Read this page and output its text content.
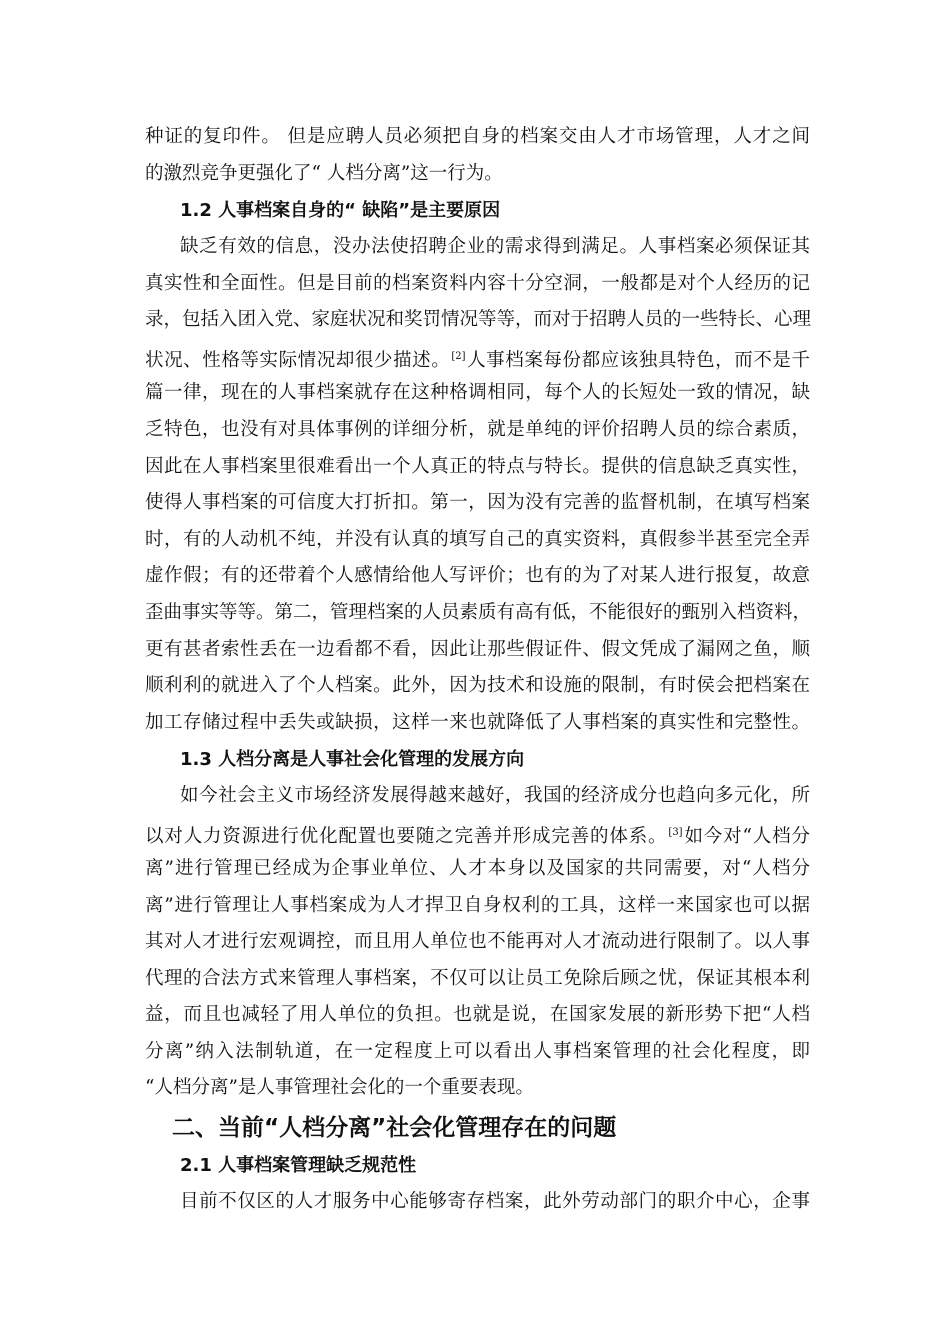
种证的复印件。 但是应聘人员必须把自身的档案交由人才市场管理，人才之间
的激烈竞争更强化了“ 人档分离”这一行为。
1.2 人事档案自身的“ 缺陷”是主要原因
缺乏有效的信息，没办法使招聘企业的需求得到满足。人事档案必须保证其
真实性和全面性。但是目前的档案资料内容十分空洞，一般都是对个人经历的记
录，包括入团入党、家庭状况和奖罚情况等等，而对于招聘人员的一些特长、心理
状况、性格等实际情况却很少描述。[2]人事档案每份都应该独具特色，而不是千
篇一律，现在的人事档案就存在这种格调相同，每个人的长短处一致的情况，缺
乏特色，也没有对具体事例的详细分析，就是单纯的评价招聘人员的综合素质，
因此在人事档案里很难看出一个人真正的特点与特长。提供的信息缺乏真实性，
使得人事档案的可信度大打折扣。第一，因为没有完善的监督机制，在填写档案
时，有的人动机不纯，并没有认真的填写自己的真实资料，真假参半甚至完全弄
虚作假；有的还带着个人感情给他人写评价；也有的为了对某人进行报复，故意
歪曲事实等等。第二，管理档案的人员素质有高有低，不能很好的甄别入档资料，
更有甚者索性丢在一边看都不看，因此让那些假证件、假文凭成了漏网之鱼，顺
顺利利的就进入了个人档案。此外，因为技术和设施的限制，有时侯会把档案在
加工存储过程中丢失或缺损，这样一来也就降低了人事档案的真实性和完整性。
1.3 人档分离是人事社会化管理的发展方向
如今社会主义市场经济发展得越来越好，我国的经济成分也趋向多元化，所
以对人力资源进行优化配置也要随之完善并形成完善的体系。[3]如今对“人档分
离”进行管理已经成为企事业单位、人才本身以及国家的共同需要，对“人档分
离”进行管理让人事档案成为人才捍卫自身权利的工具，这样一来国家也可以据
其对人才进行宏观调控，而且用人单位也不能再对人才流动进行限制了。以人事
代理的合法方式来管理人事档案，不仅可以让员工免除后顾之忧，保证其根本利
益，而且也减轻了用人单位的负担。也就是说，在国家发展的新形势下把“人档
分离”纳入法制轨道，在一定程度上可以看出人事档案管理的社会化程度，即
“人档分离”是人事管理社会化的一个重要表现。
二、当前“人档分离”社会化管理存在的问题
2.1 人事档案管理缺乏规范性
目前不仅区的人才服务中心能够寄存档案，此外劳动部门的职介中心，企事
